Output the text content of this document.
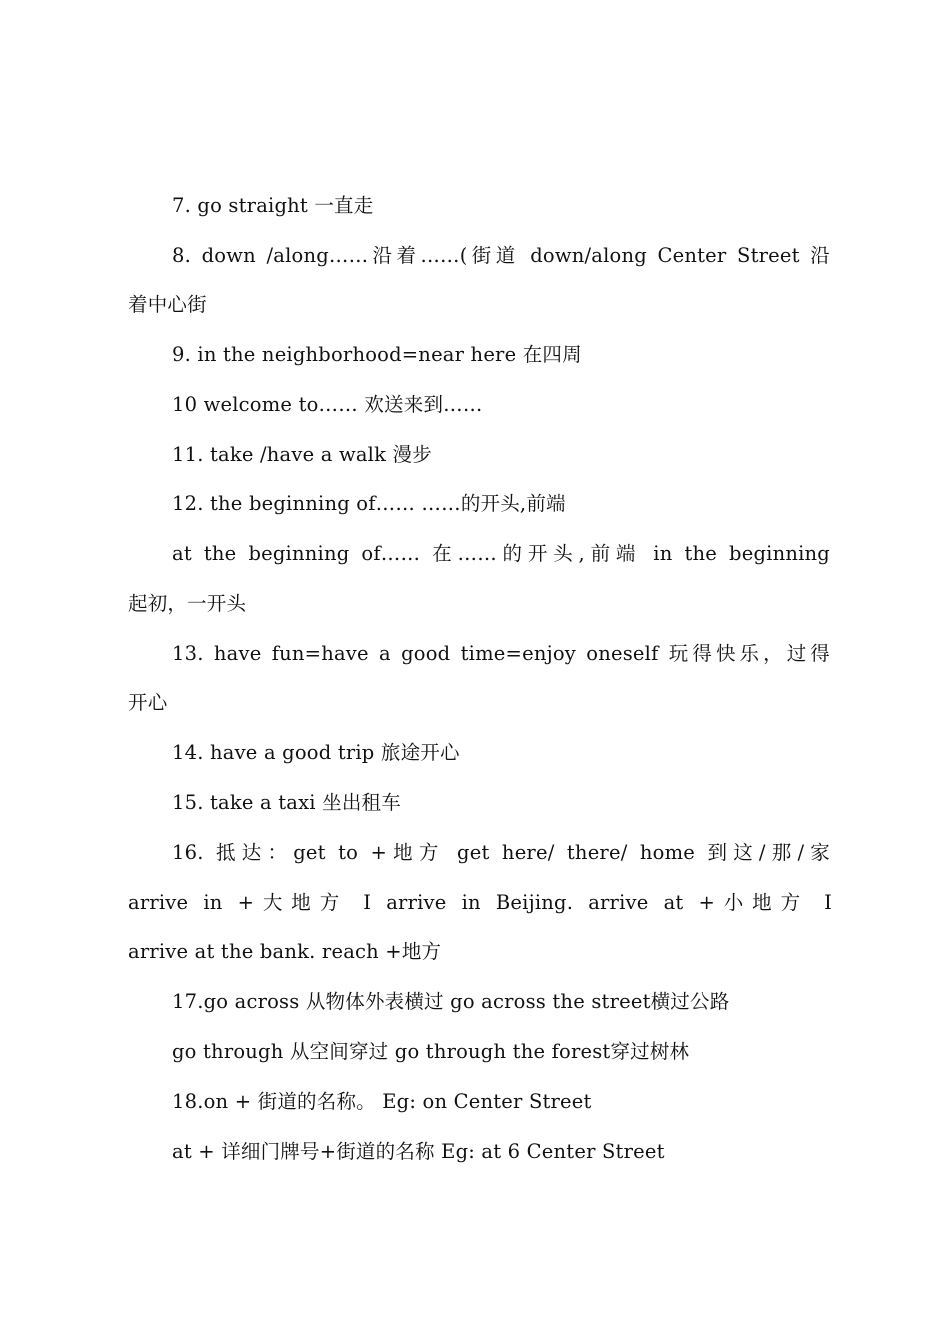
7. go straight 一直走
8. down /along……沿着……(街道 down/along Center Street 沿
着中心街
9. in the neighborhood=near here 在四周
10 welcome to…… 欢送来到……
11. take /have a walk 漫步
12. the beginning of…… ……的开头,前端
at the beginning of…… 在……的开头,前端 in the beginning
起初，一开头
13. have fun=have a good time=enjoy oneself 玩得快乐，过得
开心
14. have a good trip 旅途开心
15. take a taxi 坐出租车
16. 抵达：get to +地方 get here/ there/ home 到这/那/家
arrive in +大地方 I arrive in Beijing. arrive at +小地方 I
arrive at the bank. reach +地方
17.go across 从物体外表横过 go across the street横过公路
go through 从空间穿过 go through the forest穿过树林
18.on + 街道的名称。 Eg: on Center Street
at + 详细门牌号+街道的名称 Eg: at 6 Center Street
